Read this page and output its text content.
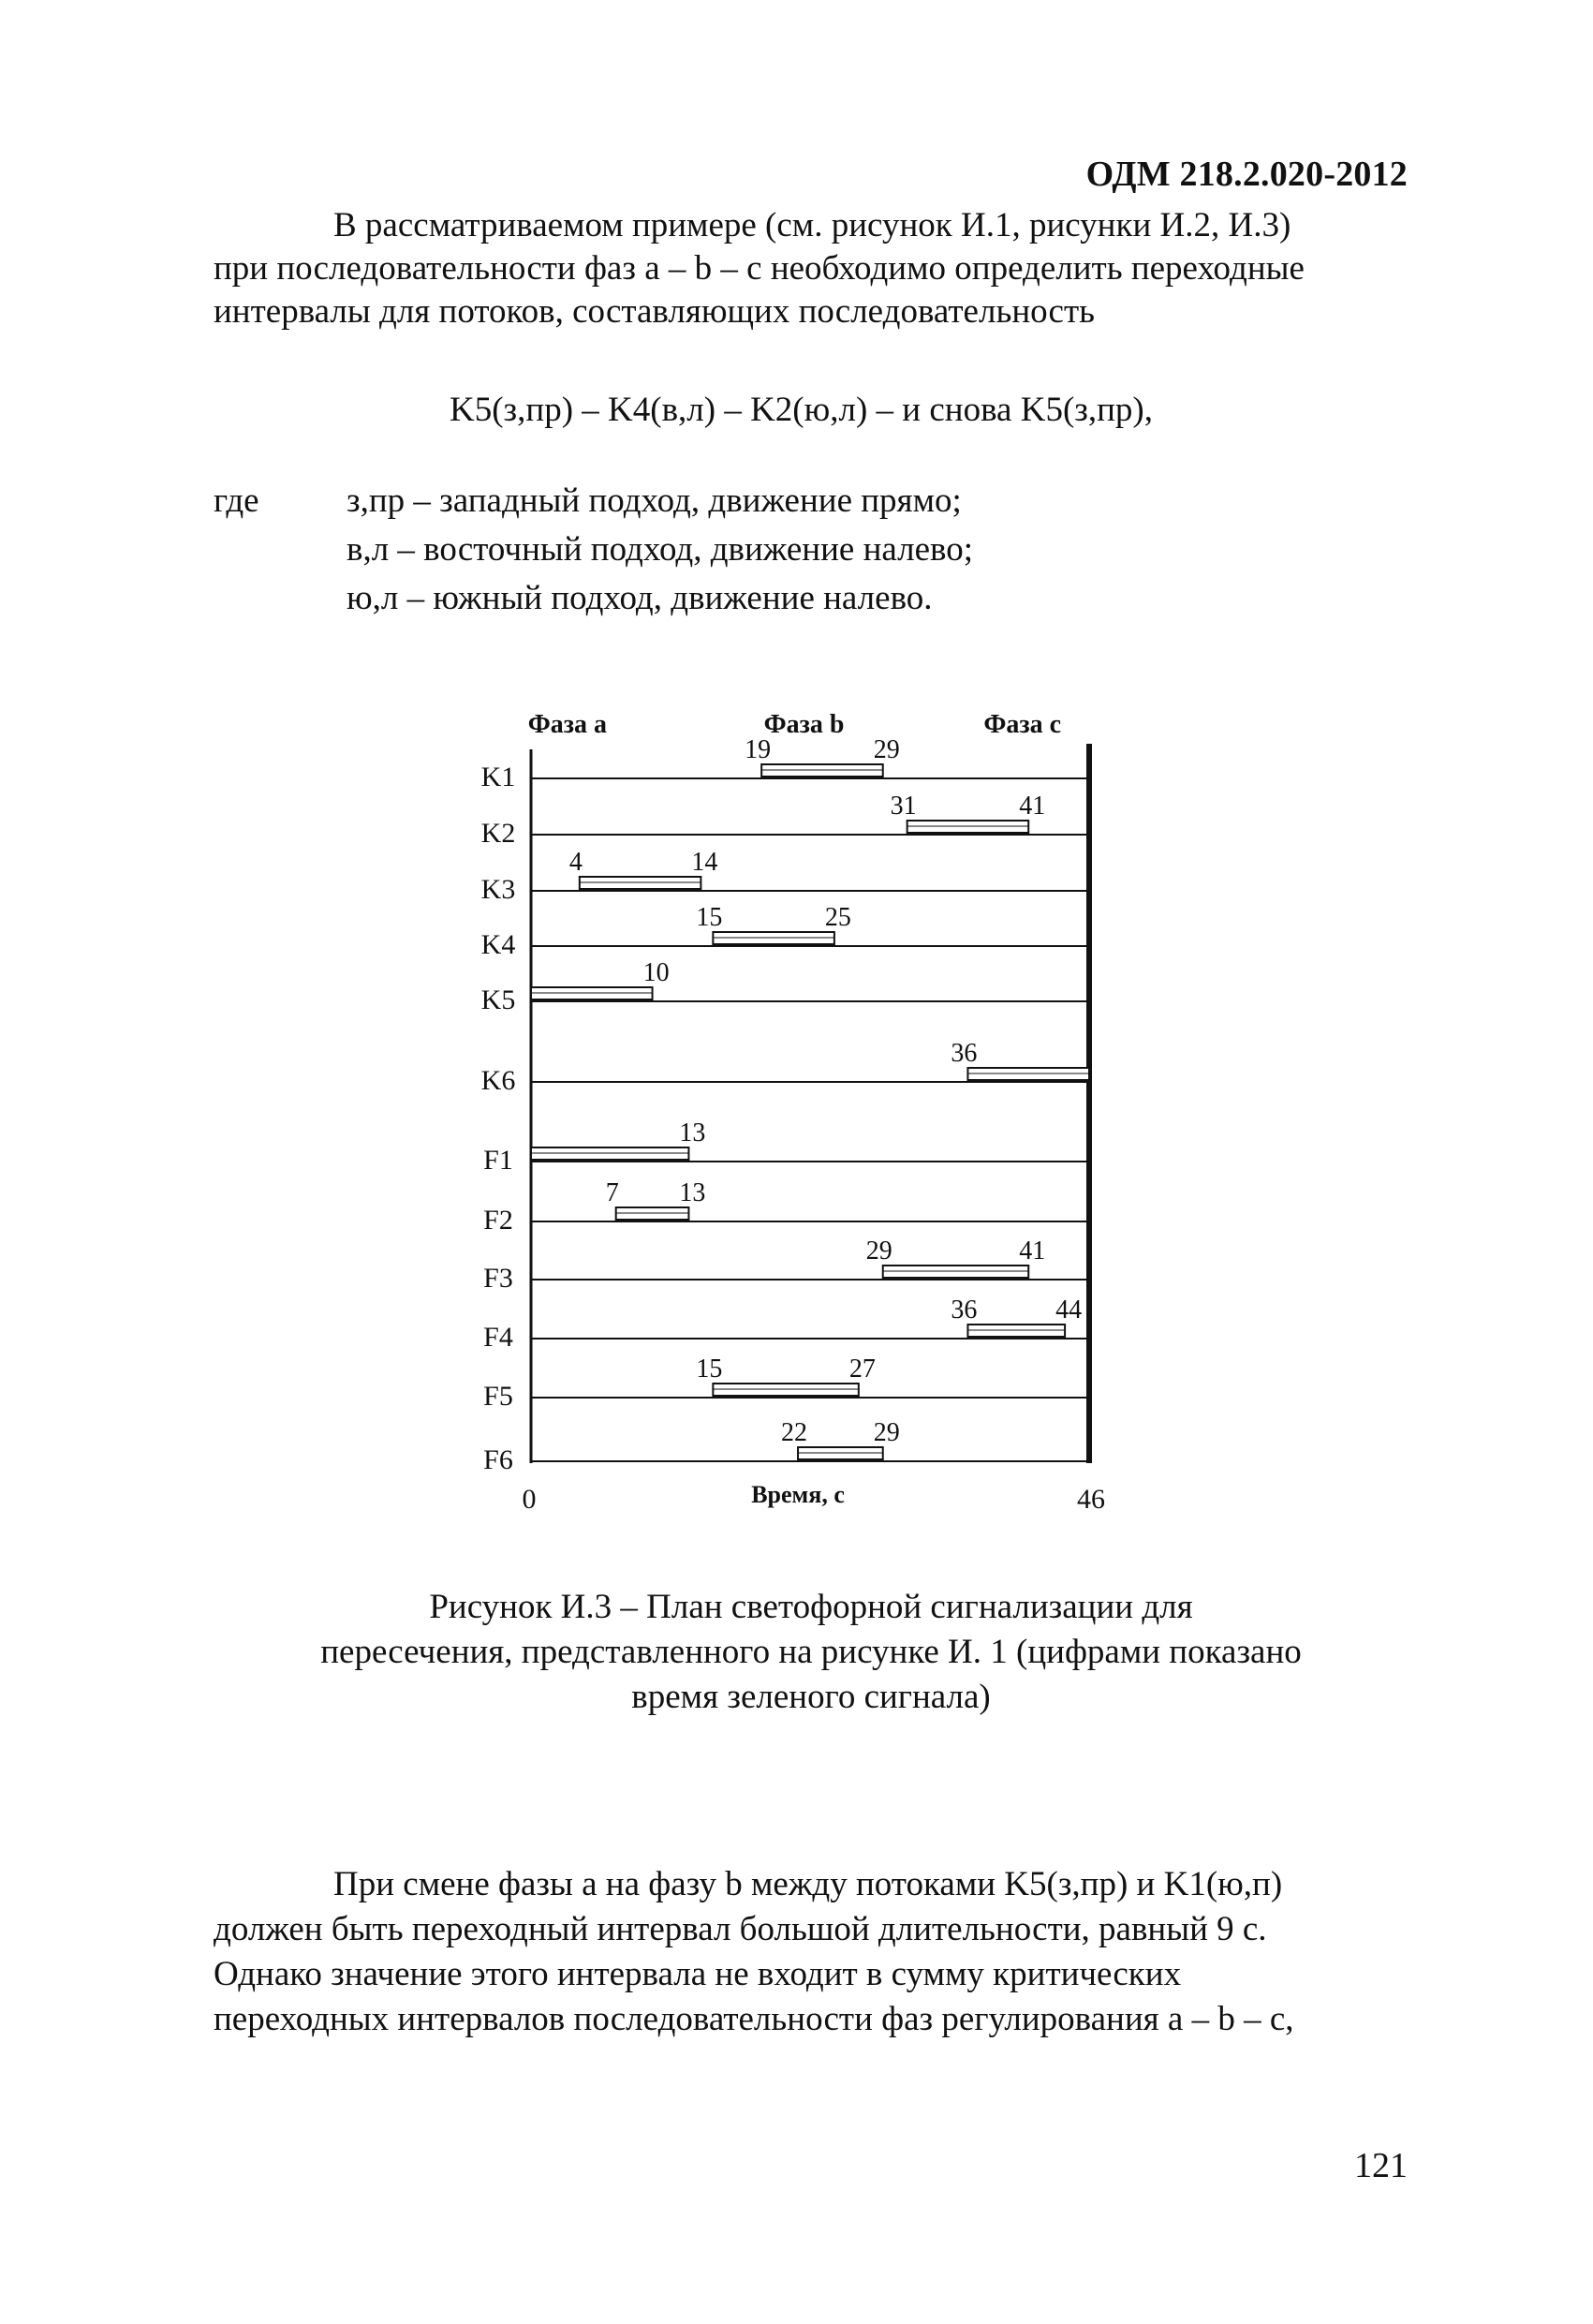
ОДМ 218.2.020-2012
В рассматриваемом примере (см. рисунок И.1, рисунки И.2, И.3)
при последовательности фаз a – b – c необходимо определить переходные
интервалы для потоков, составляющих последовательность
K5(з,пр) – K4(в,л) – K2(ю,л) – и снова K5(з,пр),
где	з,пр – западный подход, движение прямо;
в,л – восточный подход, движение налево;
ю,л – южный подход, движение налево.
Фаза a	Фаза b	Фаза c
K1
19	29
K2
31	41
K3
4	14
K4
15	25
K5
10
K6
36
F1
13
F2
7 13
F3
29	41
F4
36	44
F5
15	27
F6
22	29
0	46
Время, с
Рисунок И.3 – План светофорной сигнализации для
пересечения, представленного на рисунке И. 1 (цифрами показано
время зеленого сигнала)
При смене фазы a на фазу b между потоками K5(з,пр) и K1(ю,п)
должен быть переходный интервал большой длительности, равный 9 с.
Однако значение этого интервала не входит в сумму критических
переходных интервалов последовательности фаз регулирования a – b – c,
121
